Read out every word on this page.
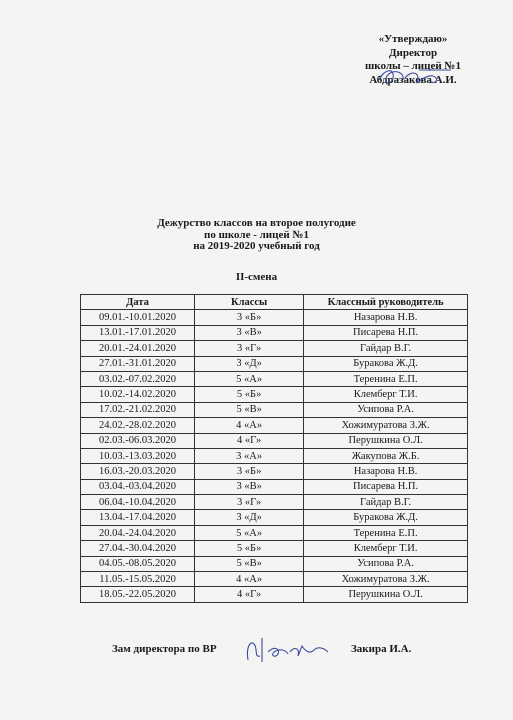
«Утверждаю»
Директор
школы – лицей №1
Абдразакова А.И.
Дежурство классов на второе полугодие
по школе - лицей №1
на 2019-2020 учебный год
II-смена
Дата	Классы	Классный руководитель
09.01.-10.01.2020	3 «Б»	Назарова Н.В.
13.01.-17.01.2020	3 «В»	Писарева Н.П.
20.01.-24.01.2020	3 «Г»	Гайдар В.Г.
27.01.-31.01.2020	3 «Д»	Буракова Ж.Д.
03.02.-07.02.2020	5 «А»	Теренина Е.П.
10.02.-14.02.2020	5 «Б»	Клемберг Т.И.
17.02.-21.02.2020	5 «В»	Усипова Р.А.
24.02.-28.02.2020	4 «А»	Хожимуратова З.Ж.
02.03.-06.03.2020	4 «Г»	Перушкина О.Л.
10.03.-13.03.2020	3 «А»	Жакупова Ж.Б.
16.03.-20.03.2020	3 «Б»	Назарова Н.В.
03.04.-03.04.2020	3 «В»	Писарева Н.П.
06.04.-10.04.2020	3 «Г»	Гайдар В.Г.
13.04.-17.04.2020	3 «Д»	Буракова Ж.Д.
20.04.-24.04.2020	5 «А»	Теренина Е.П.
27.04.-30.04.2020	5 «Б»	Клемберг Т.И.
04.05.-08.05.2020	5 «В»	Усипова Р.А.
11.05.-15.05.2020	4 «А»	Хожимуратова З.Ж.
18.05.-22.05.2020	4 «Г»	Перушкина О.Л.
Зам директора по ВР	Закира И.А.
